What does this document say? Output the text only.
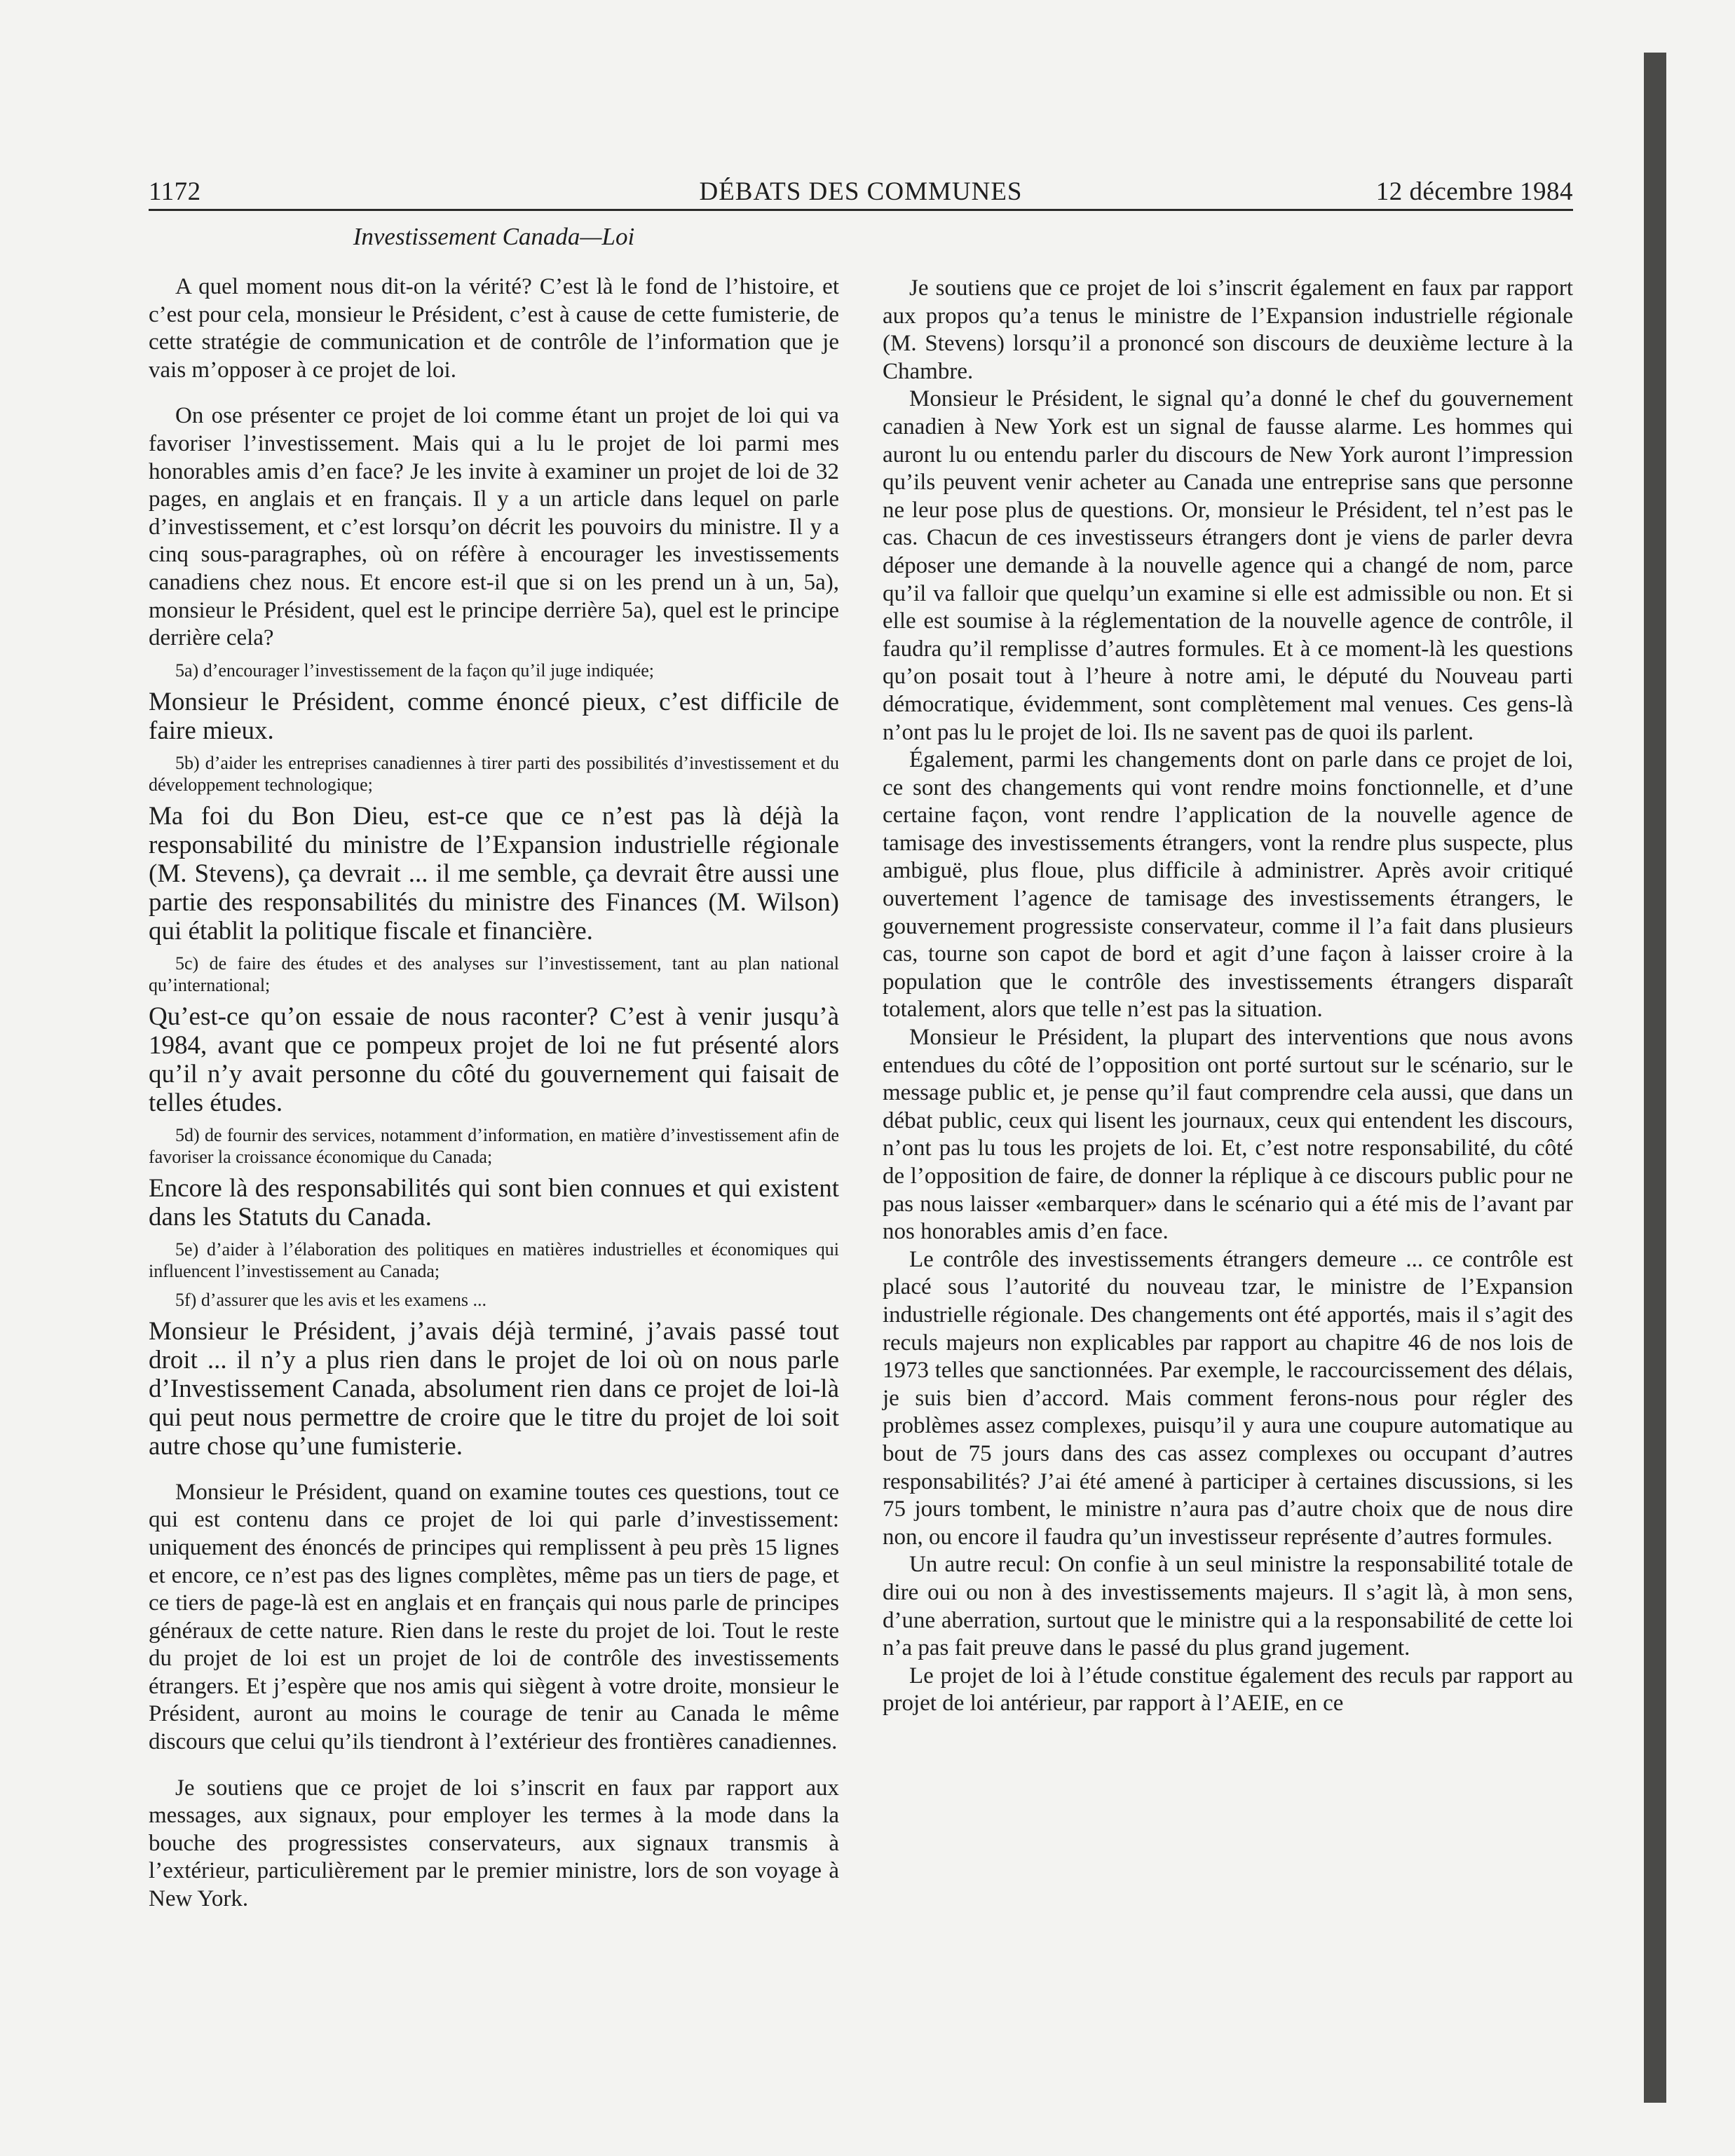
1172	DÉBATS DES COMMUNES	12 décembre 1984
Investissement Canada—Loi

A quel moment nous dit-on la vérité? C’est là le fond de l’histoire, et c’est pour cela, monsieur le Président, c’est à cause de cette fumisterie, de cette stratégie de communication et de contrôle de l’information que je vais m’opposer à ce projet de loi.

On ose présenter ce projet de loi comme étant un projet de loi qui va favoriser l’investissement. Mais qui a lu le projet de loi parmi mes honorables amis d’en face? Je les invite à examiner un projet de loi de 32 pages, en anglais et en français. Il y a un article dans lequel on parle d’investissement, et c’est lorsqu’on décrit les pouvoirs du ministre. Il y a cinq sous-paragraphes, où on réfère à encourager les investissements canadiens chez nous. Et encore est-il que si on les prend un à un, 5a), monsieur le Président, quel est le principe derrière 5a), quel est le principe derrière cela?

5a) d’encourager l’investissement de la façon qu’il juge indiquée;

Monsieur le Président, comme énoncé pieux, c’est difficile de faire mieux.

5b) d’aider les entreprises canadiennes à tirer parti des possibilités d’investissement et du développement technologique;

Ma foi du Bon Dieu, est-ce que ce n’est pas là déjà la responsabilité du ministre de l’Expansion industrielle régionale (M. Stevens), ça devrait ... il me semble, ça devrait être aussi une partie des responsabilités du ministre des Finances (M. Wilson) qui établit la politique fiscale et financière.

5c) de faire des études et des analyses sur l’investissement, tant au plan national qu’international;

Qu’est-ce qu’on essaie de nous raconter? C’est à venir jusqu’à 1984, avant que ce pompeux projet de loi ne fut présenté alors qu’il n’y avait personne du côté du gouvernement qui faisait de telles études.

5d) de fournir des services, notamment d’information, en matière d’investissement afin de favoriser la croissance économique du Canada;

Encore là des responsabilités qui sont bien connues et qui existent dans les Statuts du Canada.

5e) d’aider à l’élaboration des politiques en matières industrielles et économiques qui influencent l’investissement au Canada;

5f) d’assurer que les avis et les examens ...

Monsieur le Président, j’avais déjà terminé, j’avais passé tout droit ... il n’y a plus rien dans le projet de loi où on nous parle d’Investissement Canada, absolument rien dans ce projet de loi-là qui peut nous permettre de croire que le titre du projet de loi soit autre chose qu’une fumisterie.

Monsieur le Président, quand on examine toutes ces questions, tout ce qui est contenu dans ce projet de loi qui parle d’investissement: uniquement des énoncés de principes qui remplissent à peu près 15 lignes et encore, ce n’est pas des lignes complètes, même pas un tiers de page, et ce tiers de page-là est en anglais et en français qui nous parle de principes généraux de cette nature. Rien dans le reste du projet de loi. Tout le reste du projet de loi est un projet de loi de contrôle des investissements étrangers. Et j’espère que nos amis qui siègent à votre droite, monsieur le Président, auront au moins le courage de tenir au Canada le même discours que celui qu’ils tiendront à l’extérieur des frontières canadiennes.

Je soutiens que ce projet de loi s’inscrit en faux par rapport aux messages, aux signaux, pour employer les termes à la mode dans la bouche des progressistes conservateurs, aux signaux transmis à l’extérieur, particulièrement par le premier ministre, lors de son voyage à New York.

Je soutiens que ce projet de loi s’inscrit également en faux par rapport aux propos qu’a tenus le ministre de l’Expansion industrielle régionale (M. Stevens) lorsqu’il a prononcé son discours de deuxième lecture à la Chambre.

Monsieur le Président, le signal qu’a donné le chef du gouvernement canadien à New York est un signal de fausse alarme. Les hommes qui auront lu ou entendu parler du discours de New York auront l’impression qu’ils peuvent venir acheter au Canada une entreprise sans que personne ne leur pose plus de questions. Or, monsieur le Président, tel n’est pas le cas. Chacun de ces investisseurs étrangers dont je viens de parler devra déposer une demande à la nouvelle agence qui a changé de nom, parce qu’il va falloir que quelqu’un examine si elle est admissible ou non. Et si elle est soumise à la réglementation de la nouvelle agence de contrôle, il faudra qu’il remplisse d’autres formules. Et à ce moment-là les questions qu’on posait tout à l’heure à notre ami, le député du Nouveau parti démocratique, évidemment, sont complètement mal venues. Ces gens-là n’ont pas lu le projet de loi. Ils ne savent pas de quoi ils parlent.

Également, parmi les changements dont on parle dans ce projet de loi, ce sont des changements qui vont rendre moins fonctionnelle, et d’une certaine façon, vont rendre l’application de la nouvelle agence de tamisage des investissements étrangers, vont la rendre plus suspecte, plus ambiguë, plus floue, plus difficile à administrer. Après avoir critiqué ouvertement l’agence de tamisage des investissements étrangers, le gouvernement progressiste conservateur, comme il l’a fait dans plusieurs cas, tourne son capot de bord et agit d’une façon à laisser croire à la population que le contrôle des investissements étrangers disparaît totalement, alors que telle n’est pas la situation.

Monsieur le Président, la plupart des interventions que nous avons entendues du côté de l’opposition ont porté surtout sur le scénario, sur le message public et, je pense qu’il faut comprendre cela aussi, que dans un débat public, ceux qui lisent les journaux, ceux qui entendent les discours, n’ont pas lu tous les projets de loi. Et, c’est notre responsabilité, du côté de l’opposition de faire, de donner la réplique à ce discours public pour ne pas nous laisser «embarquer» dans le scénario qui a été mis de l’avant par nos honorables amis d’en face.

Le contrôle des investissements étrangers demeure ... ce contrôle est placé sous l’autorité du nouveau tzar, le ministre de l’Expansion industrielle régionale. Des changements ont été apportés, mais il s’agit des reculs majeurs non explicables par rapport au chapitre 46 de nos lois de 1973 telles que sanctionnées. Par exemple, le raccourcissement des délais, je suis bien d’accord. Mais comment ferons-nous pour régler des problèmes assez complexes, puisqu’il y aura une coupure automatique au bout de 75 jours dans des cas assez complexes ou occupant d’autres responsabilités? J’ai été amené à participer à certaines discussions, si les 75 jours tombent, le ministre n’aura pas d’autre choix que de nous dire non, ou encore il faudra qu’un investisseur représente d’autres formules.

Un autre recul: On confie à un seul ministre la responsabilité totale de dire oui ou non à des investissements majeurs. Il s’agit là, à mon sens, d’une aberration, surtout que le ministre qui a la responsabilité de cette loi n’a pas fait preuve dans le passé du plus grand jugement.

Le projet de loi à l’étude constitue également des reculs par rapport au projet de loi antérieur, par rapport à l’AEIE, en ce
